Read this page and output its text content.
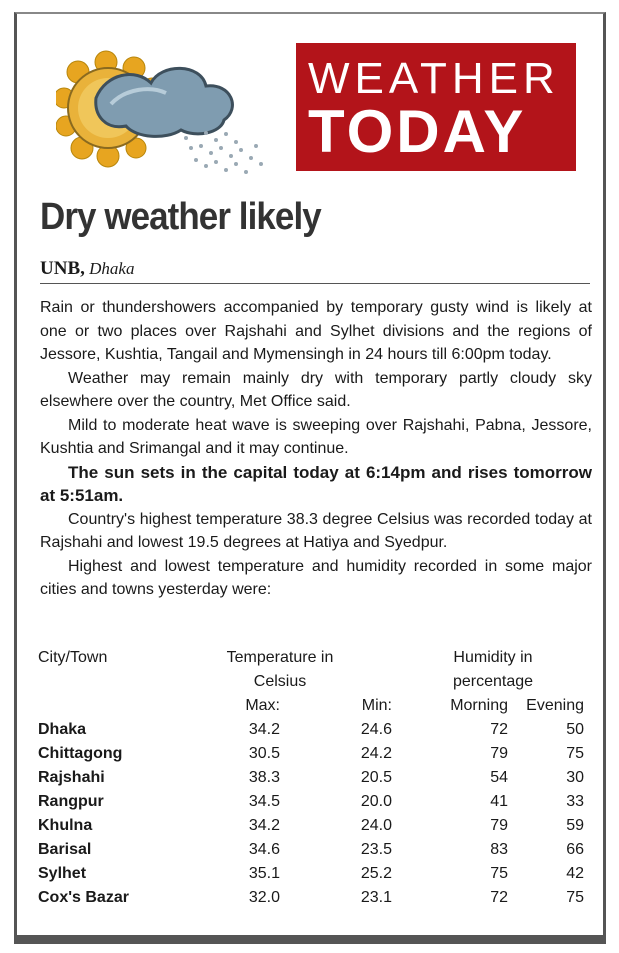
WEATHER
TODAY
Dry weather likely
UNB, Dhaka

Rain or thundershowers accompanied by temporary gusty wind is likely at one or two places over Rajshahi and Sylhet divisions and the regions of Jessore, Kushtia, Tangail and Mymensingh in 24 hours till 6:00pm today.

Weather may remain mainly dry with temporary partly cloudy sky elsewhere over the country, Met Office said.

Mild to moderate heat wave is sweeping over Rajshahi, Pabna, Jessore, Kushtia and Srimangal and it may continue.

The sun sets in the capital today at 6:14pm and rises tomorrow at 5:51am.

Country's highest temperature 38.3 degree Celsius was recorded today at Rajshahi and lowest 19.5 degrees at Hatiya and Syedpur.

Highest and lowest temperature and humidity recorded in some major cities and towns yesterday were:

City/Town	Temperature in Celsius		Humidity in percentage	

	Max:	Min:	Morning	Evening
Dhaka	34.2	24.6	72	50
Chittagong	30.5	24.2	79	75
Rajshahi	38.3	20.5	54	30
Rangpur	34.5	20.0	41	33
Khulna	34.2	24.0	79	59
Barisal	34.6	23.5	83	66
Sylhet	35.1	25.2	75	42
Cox's Bazar	32.0	23.1	72	75
